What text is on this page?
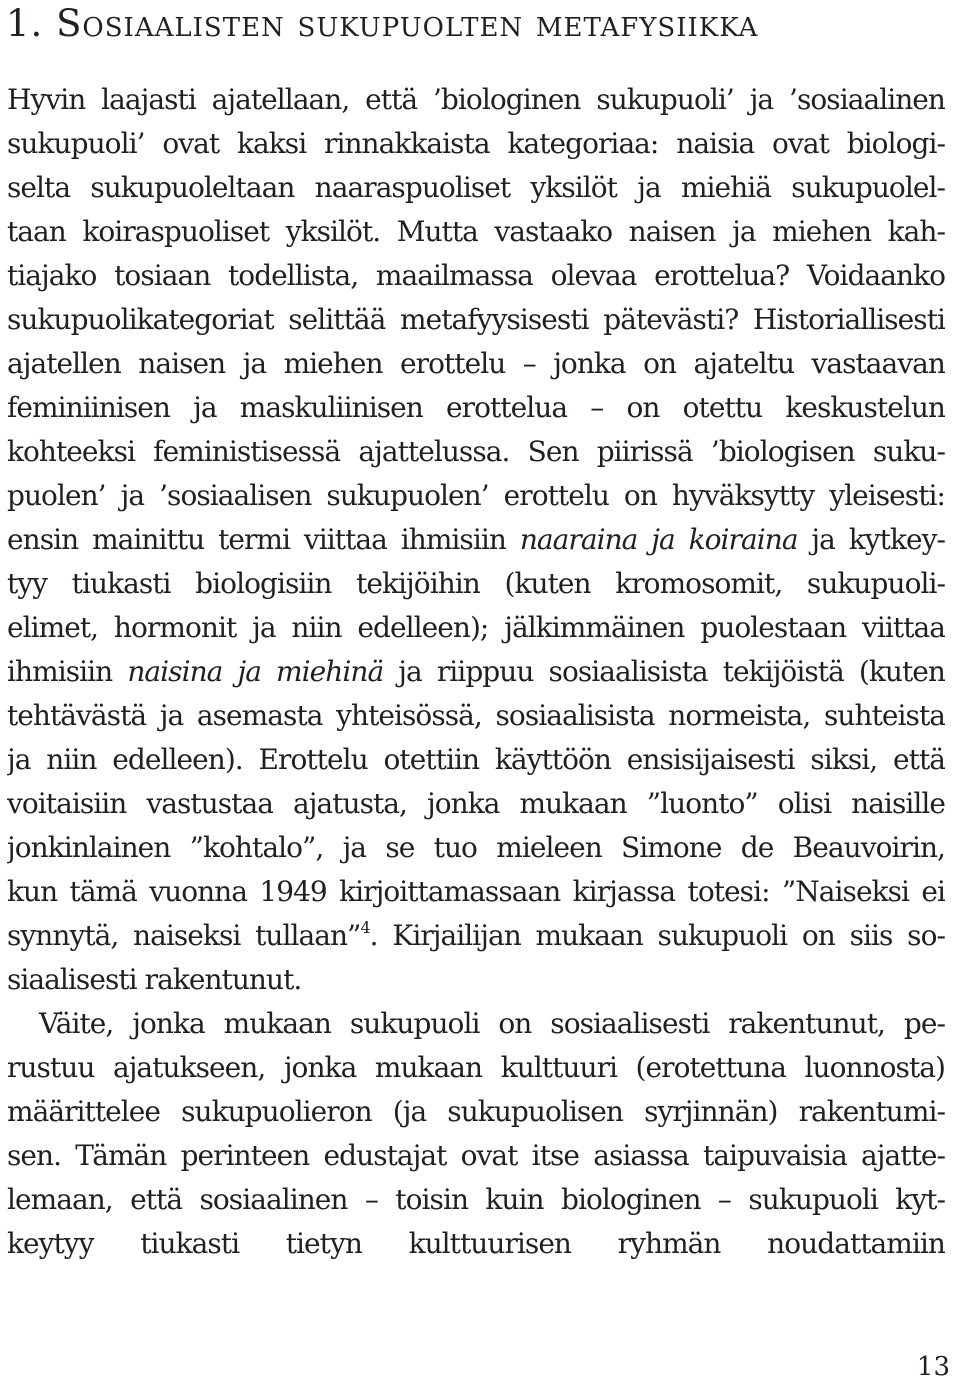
1. Sosiaalisten sukupuolten metafysiikka
Hyvin laajasti ajatellaan, että ’biologinen sukupuoli’ ja ’sosiaalinen
sukupuoli’ ovat kaksi rinnakkaista kategoriaa: naisia ovat biologi-
selta sukupuoleltaan naaraspuoliset yksilöt ja miehiä sukupuolel-
taan koiraspuoliset yksilöt. Mutta vastaako naisen ja miehen kah-
tiajako tosiaan todellista, maailmassa olevaa erottelua? Voidaanko
sukupuolikategoriat selittää metafyysisesti pätevästi? Historiallisesti
ajatellen naisen ja miehen erottelu – jonka on ajateltu vastaavan
feminiinisen ja maskuliinisen erottelua – on otettu keskustelun
kohteeksi feministisessä ajattelussa. Sen piirissä ’biologisen suku-
puolen’ ja ’sosiaalisen sukupuolen’ erottelu on hyväksytty yleisesti:
ensin mainittu termi viittaa ihmisiin naaraina ja koiraina ja kytkey-
tyy tiukasti biologisiin tekijöihin (kuten kromosomit, sukupuoli-
elimet, hormonit ja niin edelleen); jälkimmäinen puolestaan viittaa
ihmisiin naisina ja miehinä ja riippuu sosiaalisista tekijöistä (kuten
tehtävästä ja asemasta yhteisössä, sosiaalisista normeista, suhteista
ja niin edelleen). Erottelu otettiin käyttöön ensisijaisesti siksi, että
voitaisiin vastustaa ajatusta, jonka mukaan ”luonto” olisi naisille
jonkinlainen ”kohtalo”, ja se tuo mieleen Simone de Beauvoirin,
kun tämä vuonna 1949 kirjoittamassaan kirjassa totesi: ”Naiseksi ei
synnytä, naiseksi tullaan”$^4$. Kirjailijan mukaan sukupuoli on siis so-
siaalisesti rakentunut.
Väite, jonka mukaan sukupuoli on sosiaalisesti rakentunut, pe-
rustuu ajatukseen, jonka mukaan kulttuuri (erotettuna luonnosta)
määrittelee sukupuolieron (ja sukupuolisen syrjinnän) rakentumi-
sen. Tämän perinteen edustajat ovat itse asiassa taipuvaisia ajatte-
lemaan, että sosiaalinen – toisin kuin biologinen – sukupuoli kyt-
keytyy tiukasti tietyn kulttuurisen ryhmän noudattamiin
13
